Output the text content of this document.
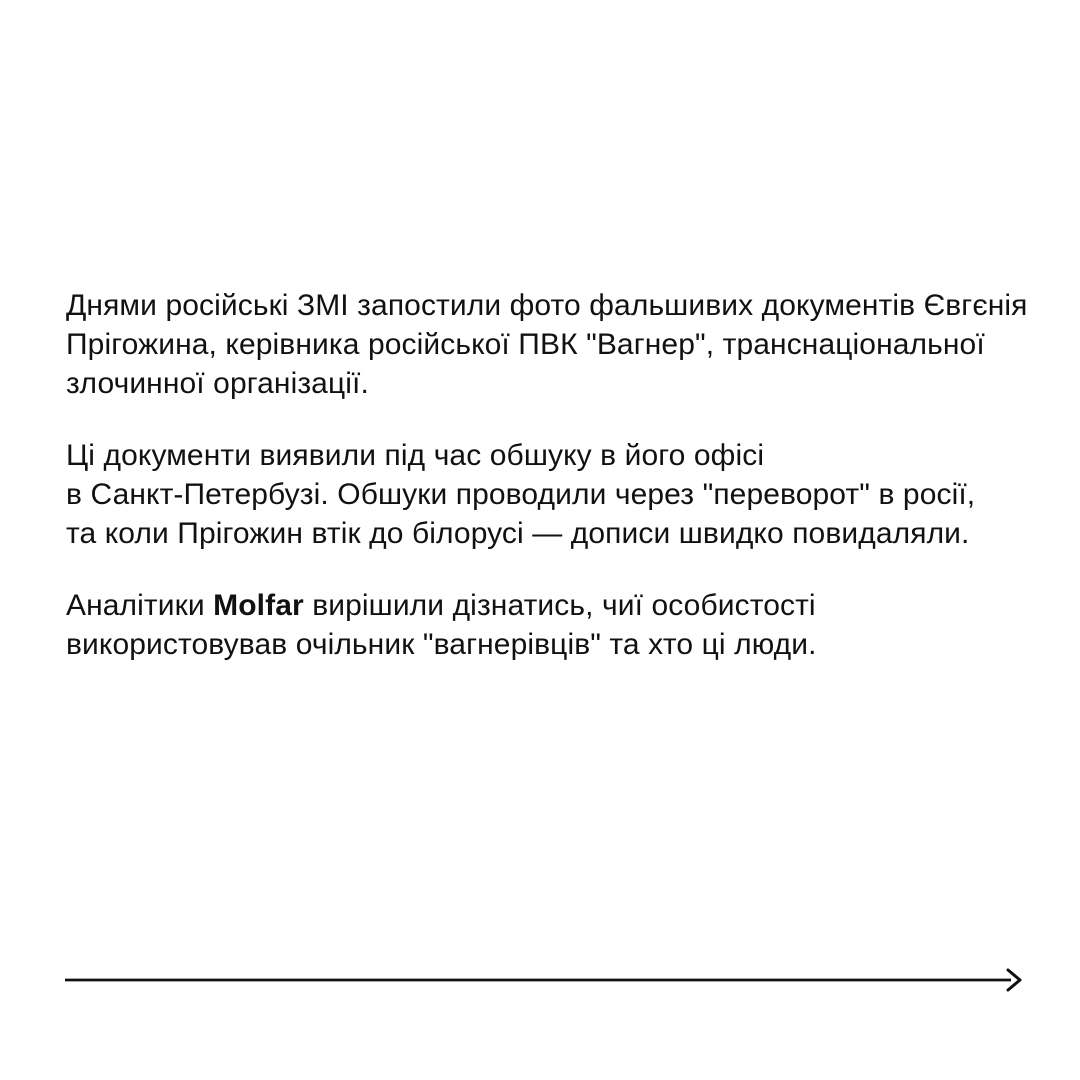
Днями російські ЗМІ запостили фото фальшивих документів Євгєнія
Прігожина, керівника російської ПВК "Вагнер", транснаціональної
злочинної організації.

Ці документи виявили під час обшуку в його офісі
в Санкт-Петербузі. Обшуки проводили через "переворот" в росії,
та коли Прігожин втік до білорусі — дописи швидко повидаляли.

Аналітики Molfar вирішили дізнатись, чиї особистості
використовував очільник "вагнерівців" та хто ці люди.
